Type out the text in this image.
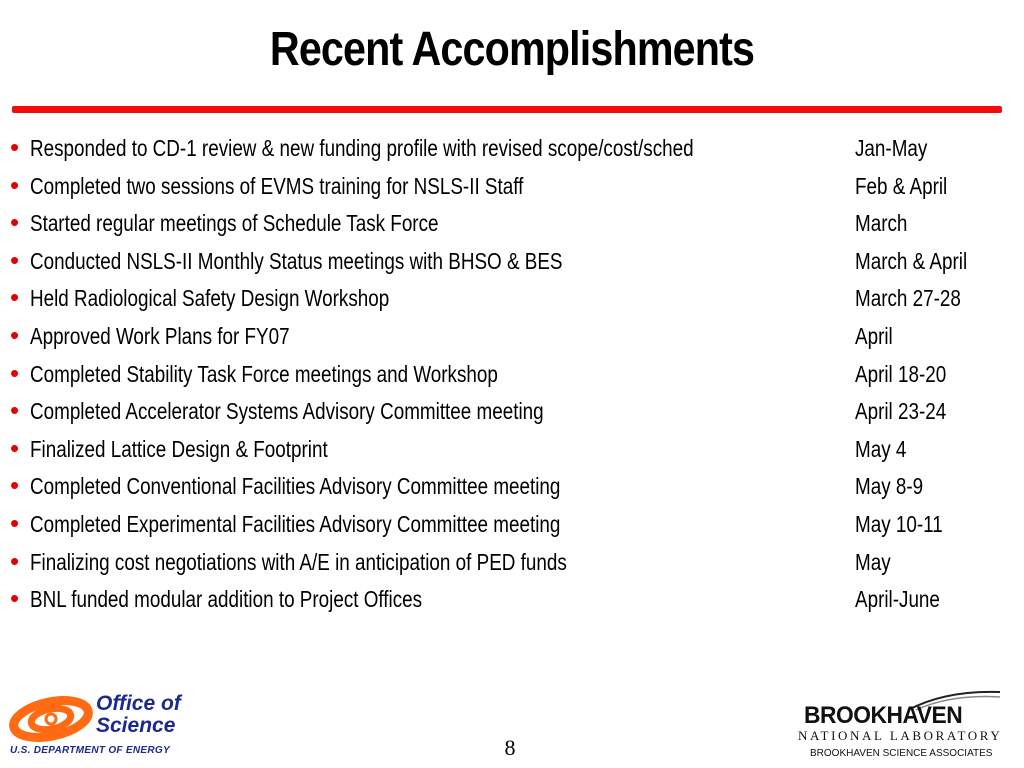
Recent Accomplishments
• Responded to CD-1 review & new funding profile with revised scope/cost/sched	Jan-May
• Completed two sessions of EVMS training for NSLS-II Staff	Feb & April
• Started regular meetings of Schedule Task Force	March
• Conducted NSLS-II Monthly Status meetings with BHSO & BES	March & April
• Held Radiological Safety Design Workshop	March 27-28
• Approved Work Plans for FY07	April
• Completed Stability Task Force meetings and Workshop	April 18-20
• Completed Accelerator Systems Advisory Committee meeting	April 23-24
• Finalized Lattice Design & Footprint	May 4
• Completed Conventional Facilities Advisory Committee meeting	May 8-9
• Completed Experimental Facilities Advisory Committee meeting	May 10-11
• Finalizing cost negotiations with A/E in anticipation of PED funds	May
• BNL funded modular addition to Project Offices	April-June
Office of
Science
U.S. DEPARTMENT OF ENERGY	8
BROOKHAVEN
NATIONAL LABORATORY
BROOKHAVEN SCIENCE ASSOCIATES
